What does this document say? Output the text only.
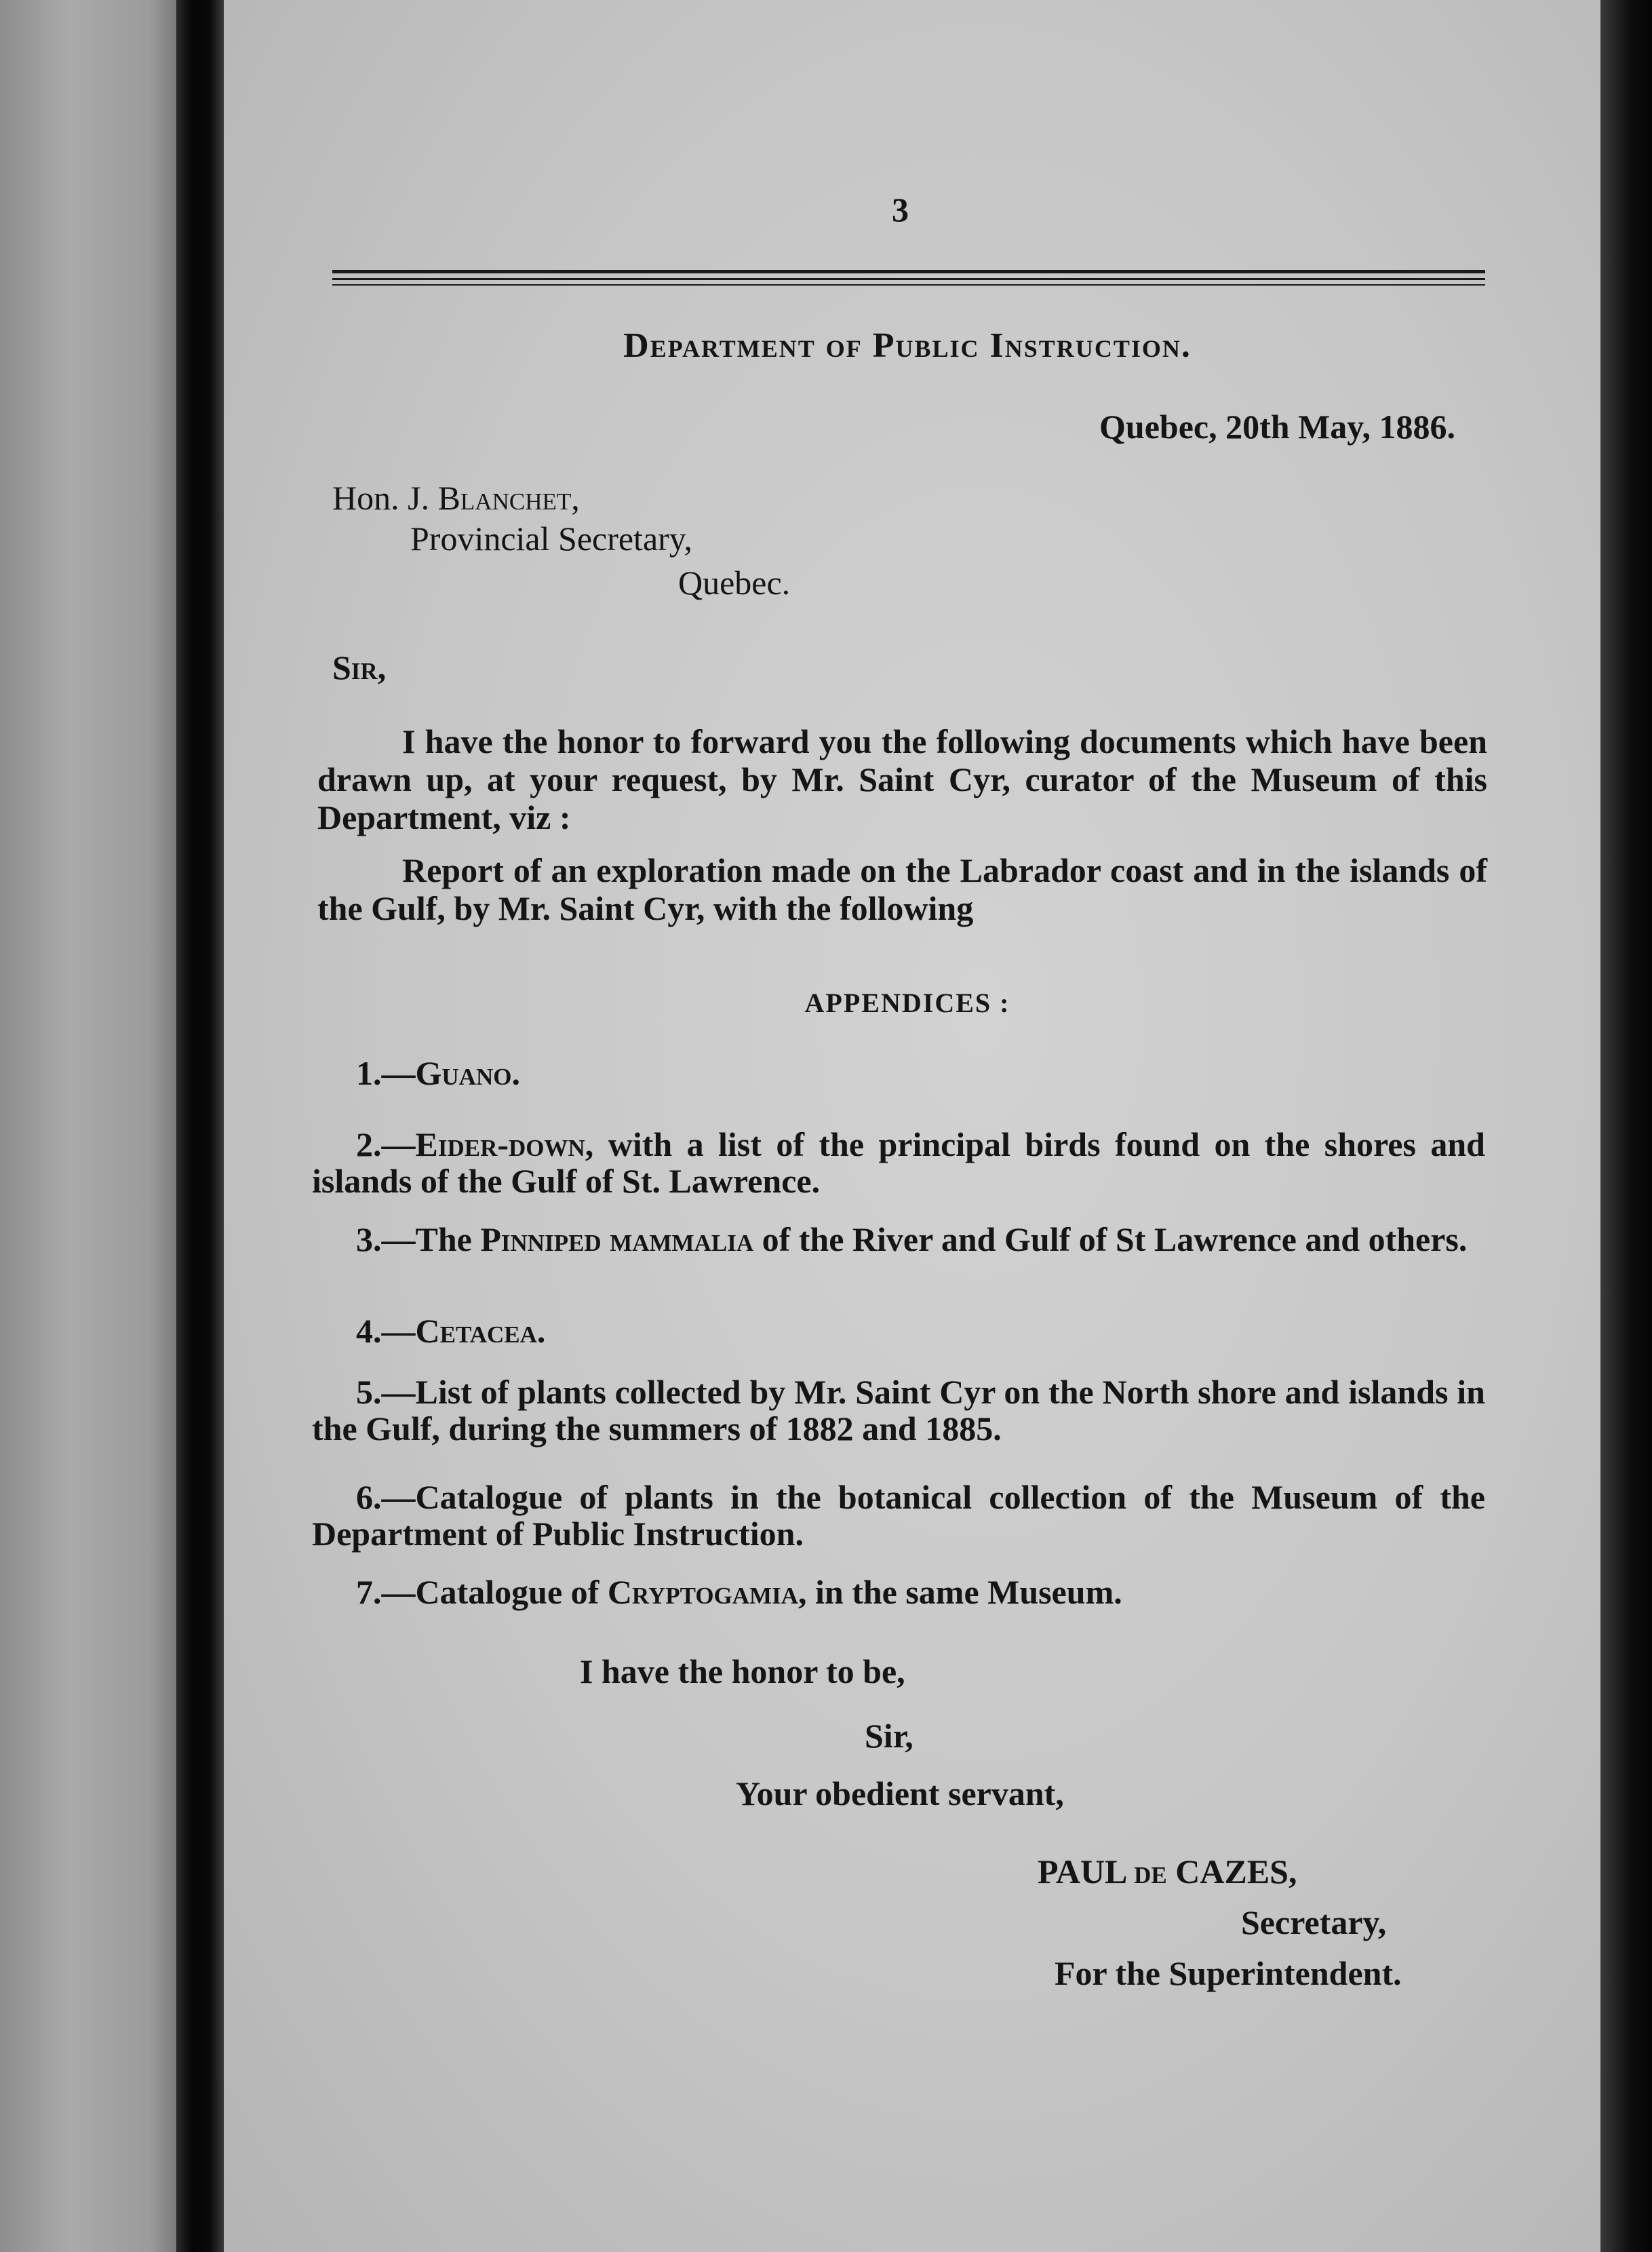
3
Department of Public Instruction.
Quebec, 20th May, 1886.
Hon. J. Blanchet,
Provincial Secretary,
Quebec.
Sir,
I have the honor to forward you the following documents which have been drawn up, at your request, by Mr. Saint Cyr, curator of the Museum of this Department, viz :
Report of an exploration made on the Labrador coast and in the islands of the Gulf, by Mr. Saint Cyr, with the following
APPENDICES :
1.—Guano.
2.—Eider-down, with a list of the principal birds found on the shores and islands of the Gulf of St. Lawrence.
3.—The Pinniped mammalia of the River and Gulf of St Lawrence and others.
4.—Cetacea.
5.—List of plants collected by Mr. Saint Cyr on the North shore and islands in the Gulf, during the summers of 1882 and 1885.
6.—Catalogue of plants in the botanical collection of the Museum of the Department of Public Instruction.
7.—Catalogue of Cryptogamia, in the same Museum.
I have the honor to be,
Sir,
Your obedient servant,
PAUL de CAZES,
Secretary,
For the Superintendent.
